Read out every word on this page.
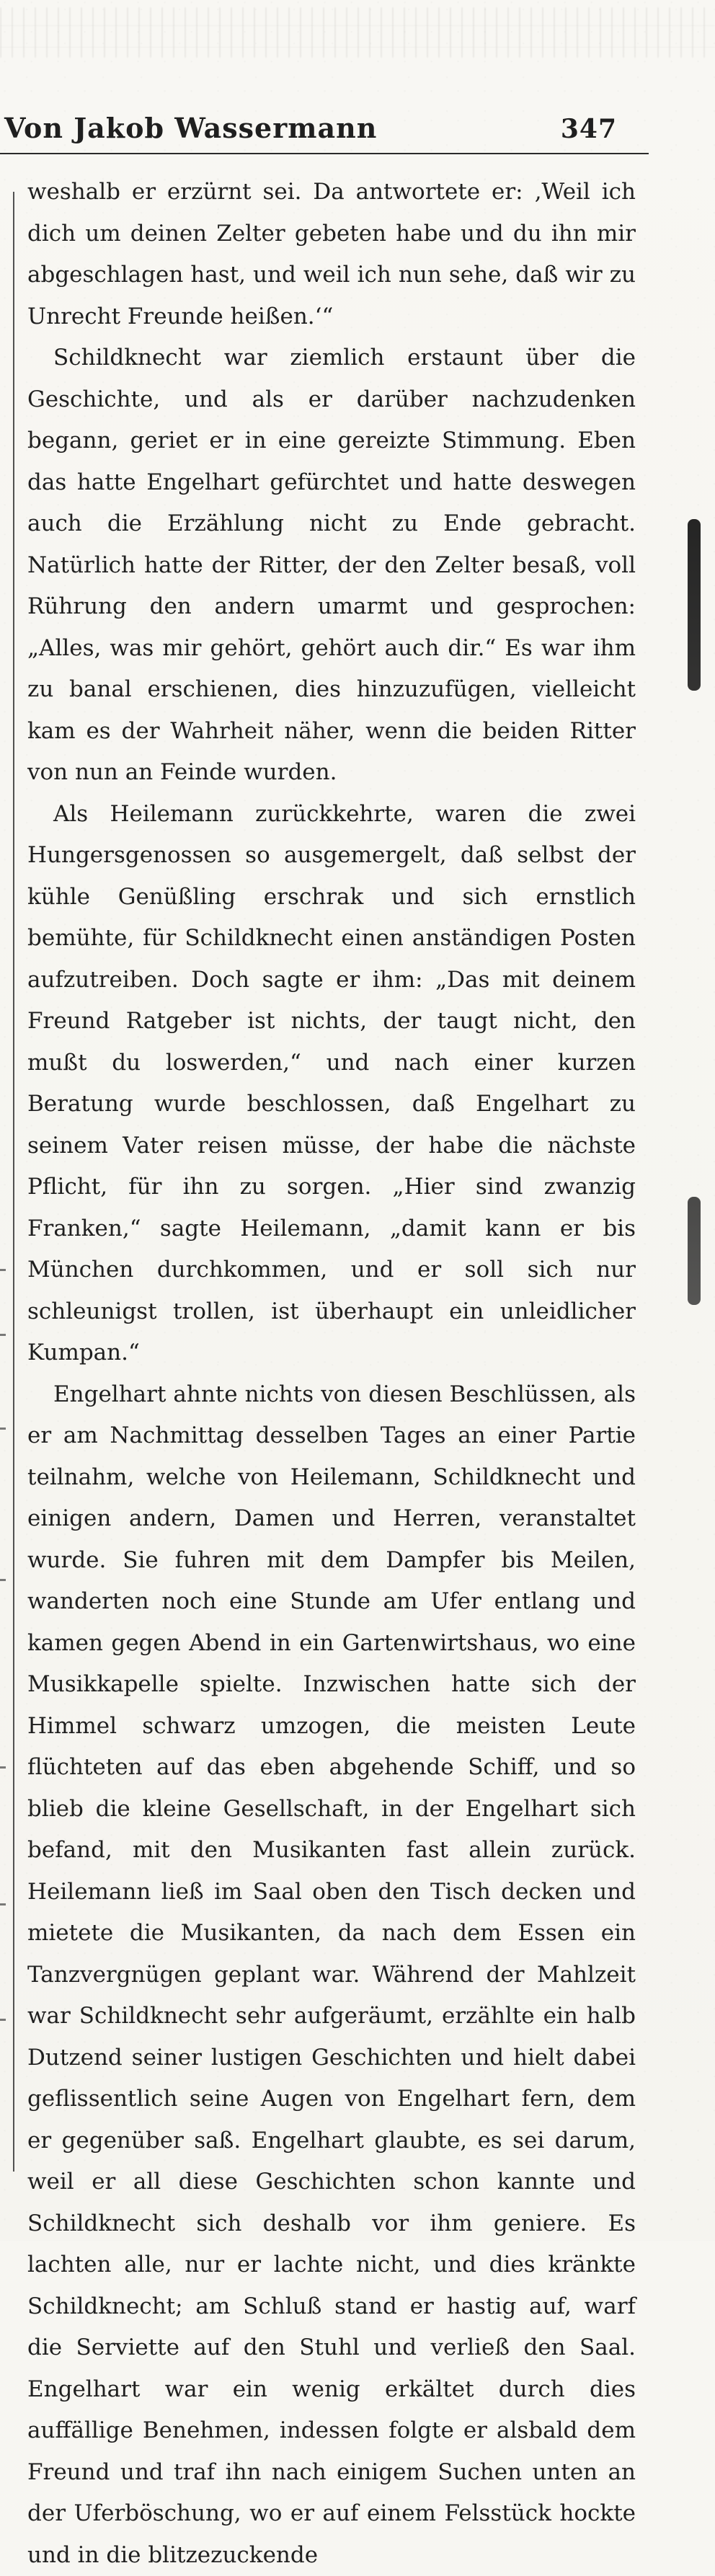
Von Jakob Wassermann	347

weshalb er erzürnt sei. Da antwortete er: ‚Weil ich dich um deinen Zelter gebeten habe und du ihn mir abgeschlagen hast, und weil ich nun sehe, daß wir zu Unrecht Freunde heißen.‘“

Schildknecht war ziemlich erstaunt über die Geschichte, und als er darüber nachzudenken begann, geriet er in eine gereizte Stimmung. Eben das hatte Engelhart gefürchtet und hatte deswegen auch die Erzählung nicht zu Ende gebracht. Natürlich hatte der Ritter, der den Zelter besaß, voll Rührung den andern umarmt und gesprochen: „Alles, was mir gehört, gehört auch dir.“ Es war ihm zu banal erschienen, dies hinzuzufügen, vielleicht kam es der Wahrheit näher, wenn die beiden Ritter von nun an Feinde wurden.

Als Heilemann zurückkehrte, waren die zwei Hungersgenossen so ausgemergelt, daß selbst der kühle Genüßling erschrak und sich ernstlich bemühte, für Schildknecht einen anständigen Posten aufzutreiben. Doch sagte er ihm: „Das mit deinem Freund Ratgeber ist nichts, der taugt nicht, den mußt du loswerden,“ und nach einer kurzen Beratung wurde beschlossen, daß Engelhart zu seinem Vater reisen müsse, der habe die nächste Pflicht, für ihn zu sorgen. „Hier sind zwanzig Franken,“ sagte Heilemann, „damit kann er bis München durchkommen, und er soll sich nur schleunigst trollen, ist überhaupt ein unleidlicher Kumpan.“

Engelhart ahnte nichts von diesen Beschlüssen, als er am Nachmittag desselben Tages an einer Partie teilnahm, welche von Heilemann, Schildknecht und einigen andern, Damen und Herren, veranstaltet wurde. Sie fuhren mit dem Dampfer bis Meilen, wanderten noch eine Stunde am Ufer entlang und kamen gegen Abend in ein Gartenwirtshaus, wo eine Musikkapelle spielte. Inzwischen hatte sich der Himmel schwarz umzogen, die meisten Leute flüchteten auf das eben abgehende Schiff, und so blieb die kleine Gesellschaft, in der Engelhart sich befand, mit den Musikanten fast allein zurück. Heilemann ließ im Saal oben den Tisch decken und mietete die Musikanten, da nach dem Essen ein Tanzvergnügen geplant war. Während der Mahlzeit war Schildknecht sehr aufgeräumt, erzählte ein halb Dutzend seiner lustigen Geschichten und hielt dabei geflissentlich seine Augen von Engelhart fern, dem er gegenüber saß. Engelhart glaubte, es sei darum, weil er all diese Geschichten schon kannte und Schildknecht sich deshalb vor ihm geniere. Es lachten alle, nur er lachte nicht, und dies kränkte Schildknecht; am Schluß stand er hastig auf, warf die Serviette auf den Stuhl und verließ den Saal. Engelhart war ein wenig erkältet durch dies auffällige Benehmen, indessen folgte er alsbald dem Freund und traf ihn nach einigem Suchen unten an der Uferböschung, wo er auf einem Felsstück hockte und in die blitzezuckende
